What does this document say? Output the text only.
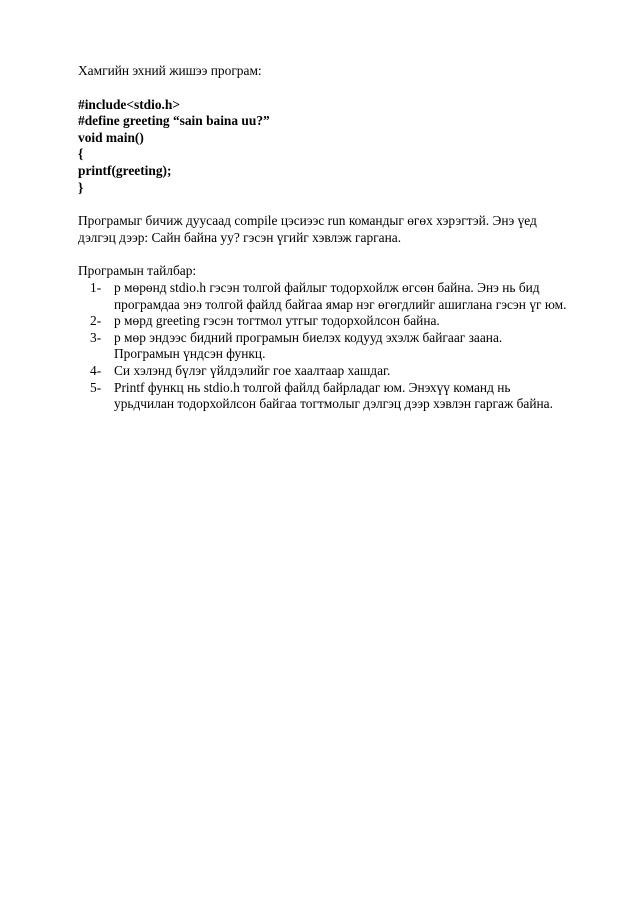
Хамгийн эхний жишээ програм:

#include<stdio.h>
#define greeting “sain baina uu?”
void main()
{
printf(greeting);
}

Програмыг бичиж дуусаад compile цэсиээс run командыг өгөх хэрэгтэй. Энэ үед дэлгэц дээр: Сайн байна уу? гэсэн үгийг хэвлэж гаргана.

Програмын тайлбар:

1- р мөрөнд stdio.h гэсэн толгой файлыг тодорхойлж өгсөн байна. Энэ нь бид програмдаа энэ толгой файлд байгаа ямар нэг өгөгдлийг ашиглана гэсэн үг юм.
2- р мөрд greeting гэсэн тогтмол утгыг тодорхойлсон байна.
3- р мөр эндээс бидний програмын биелэх кодууд эхэлж байгааг заана. Програмын үндсэн функц.
4- Си хэлэнд бүлэг үйлдэлийг гое хаалтаар хашдаг.
5- Printf функц нь stdio.h толгой файлд байрладаг юм. Энэхүү команд нь урьдчилан тодорхойлсон байгаа тогтмолыг дэлгэц дээр хэвлэн гаргаж байна.
